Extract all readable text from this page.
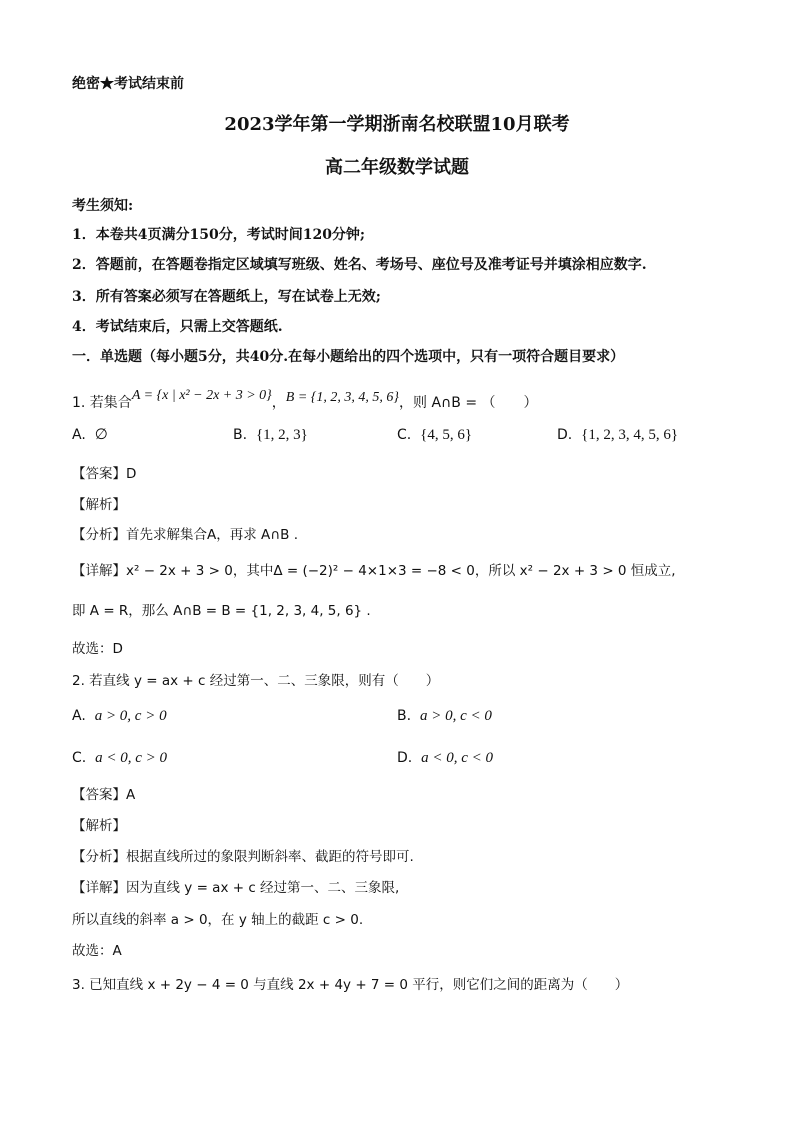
绝密★考试结束前
2023学年第一学期浙南名校联盟10月联考
高二年级数学试题
考生须知:
1．本卷共4页满分150分，考试时间120分钟;
2．答题前，在答题卷指定区域填写班级、姓名、考场号、座位号及准考证号并填涂相应数字.
3．所有答案必须写在答题纸上，写在试卷上无效;
4．考试结束后，只需上交答题纸.
一．单选题（每小题5分，共40分.在每小题给出的四个选项中，只有一项符合题目要求）
1. 若集合A = {x | x² − 2x + 3 > 0}，B = {1, 2, 3, 4, 5, 6}，则 A∩B = （　　）
A. ∅	B. {1, 2, 3}	C. {4, 5, 6}	D. {1, 2, 3, 4, 5, 6}
【答案】D
【解析】
【分析】首先求解集合A，再求 A∩B .
【详解】x² − 2x + 3 > 0，其中Δ = (−2)² − 4×1×3 = −8 < 0，所以 x² − 2x + 3 > 0 恒成立,
即 A = R，那么 A∩B = B = {1, 2, 3, 4, 5, 6} .
故选：D
2. 若直线 y = ax + c 经过第一、二、三象限，则有（　　）
A. a > 0, c > 0	B. a > 0, c < 0
C. a < 0, c > 0	D. a < 0, c < 0
【答案】A
【解析】
【分析】根据直线所过的象限判断斜率、截距的符号即可.
【详解】因为直线 y = ax + c 经过第一、二、三象限,
所以直线的斜率 a > 0，在 y 轴上的截距 c > 0.
故选：A
3. 已知直线 x + 2y − 4 = 0 与直线 2x + 4y + 7 = 0 平行，则它们之间的距离为（　　）
